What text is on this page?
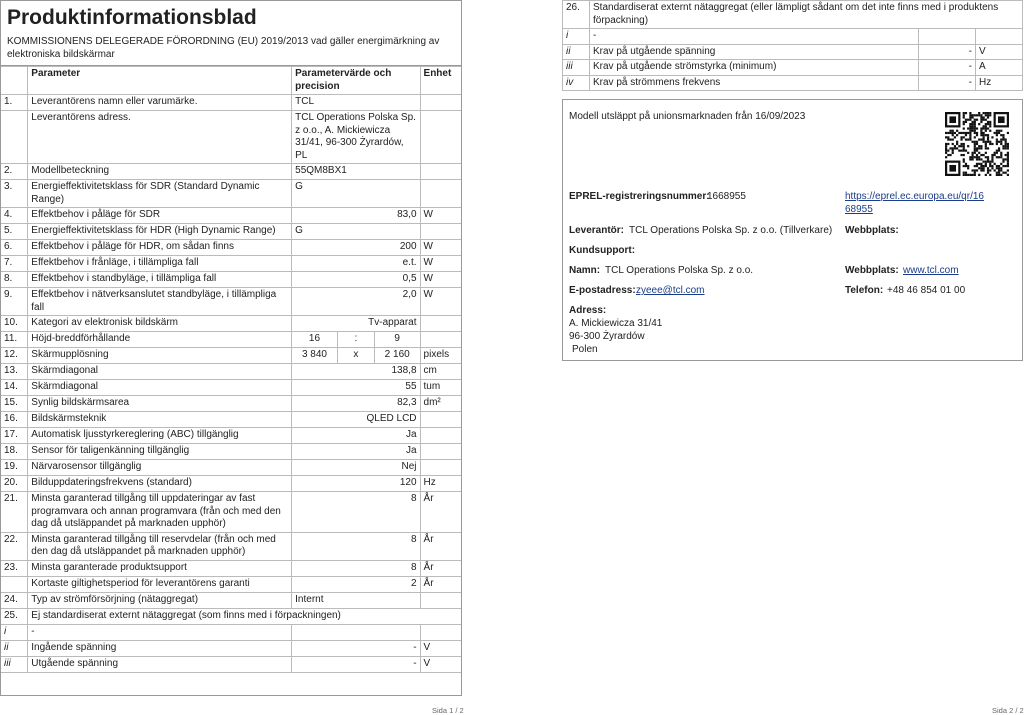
Produktinformationsblad
KOMMISSIONENS DELEGERADE FÖRORDNING (EU) 2019/2013 vad gäller energimärkning av elektroniska bildskärmar
	Parameter	Parametervärde och precision	Enhet
1.	Leverantörens namn eller varumärke.	TCL	
	Leverantörens adress.	TCL Operations Polska Sp. z o.o., A. Mickiewicza 31/41, 96-300 Żyrardów, PL	
2.	Modellbeteckning	55QM8BX1	
3.	Energieffektivitetsklass för SDR (Standard Dynamic Range)	G	
4.	Effektbehov i påläge för SDR	83,0	W
5.	Energieffektivitetsklass för HDR (High Dynamic Range)	G	
6.	Effektbehov i påläge för HDR, om sådan finns	200	W
7.	Effektbehov i frånläge, i tillämpliga fall	e.t.	W
8.	Effektbehov i standbyläge, i tillämpliga fall	0,5	W
9.	Effektbehov i nätverksanslutet standbyläge, i tillämpliga fall	2,0	W
10.	Kategori av elektronisk bildskärm	Tv-apparat	
11.	Höjd-breddförhållande	16 : 9	

12.	Skärmupplösning	3 840 x 2 160	pixels
13.	Skärmdiagonal	138,8	cm
14.	Skärmdiagonal	55	tum
15.	Synlig bildskärmsarea	82,3	dm²
16.	Bildskärmsteknik	QLED LCD	
17.	Automatisk ljusstyrkereglering (ABC) tillgänglig	Ja	
18.	Sensor för taligenkänning tillgänglig	Ja	
19.	Närvarosensor tillgänglig	Nej	
20.	Bilduppdateringsfrekvens (standard)	120	Hz
21.	Minsta garanterad tillgång till uppdateringar av fast programvara och annan programvara (från och med den dag då utsläppandet på marknaden upphör)	8	År
22.	Minsta garanterad tillgång till reservdelar (från och med den dag då utsläppandet på marknaden upphör)	8	År
23.	Minsta garanterade produktsupport	8	År
	Kortaste giltighetsperiod för leverantörens garanti	2	År
24.	Typ av strömförsörjning (nätaggregat)	Internt	
25.	Ej standardiserat externt nätaggregat (som finns med i förpackningen)		
i	-		
ii	Ingående spänning	-	V
iii	Utgående spänning	-	V
26.	Standardiserat externt nätaggregat (eller lämpligt sådant om det inte finns med i produktens förpackning)		
i	-		
ii	Krav på utgående spänning	-	V
iii	Krav på utgående strömstyrka (minimum)	-	A
iv	Krav på strömmens frekvens	-	Hz
Modell utsläppt på unionsmarknaden från 16/09/2023
EPREL-registreringsnummer:
1668955	https://eprel.ec.europa.eu/qr/16
68955
Leverantör: TCL Operations Polska Sp. z o.o. (Tillverkare) Webbplats:
Kundsupport:
Namn: TCL Operations Polska Sp. z o.o.	Webbplats: www.tcl.com
E-postadress: zyeee@tcl.com	Telefon: +48 46 854 01 00
Adress:
A. Mickiewicza 31/41
96-300 Żyrardów
Polen
Sida 1 / 2	Sida 2 / 2
